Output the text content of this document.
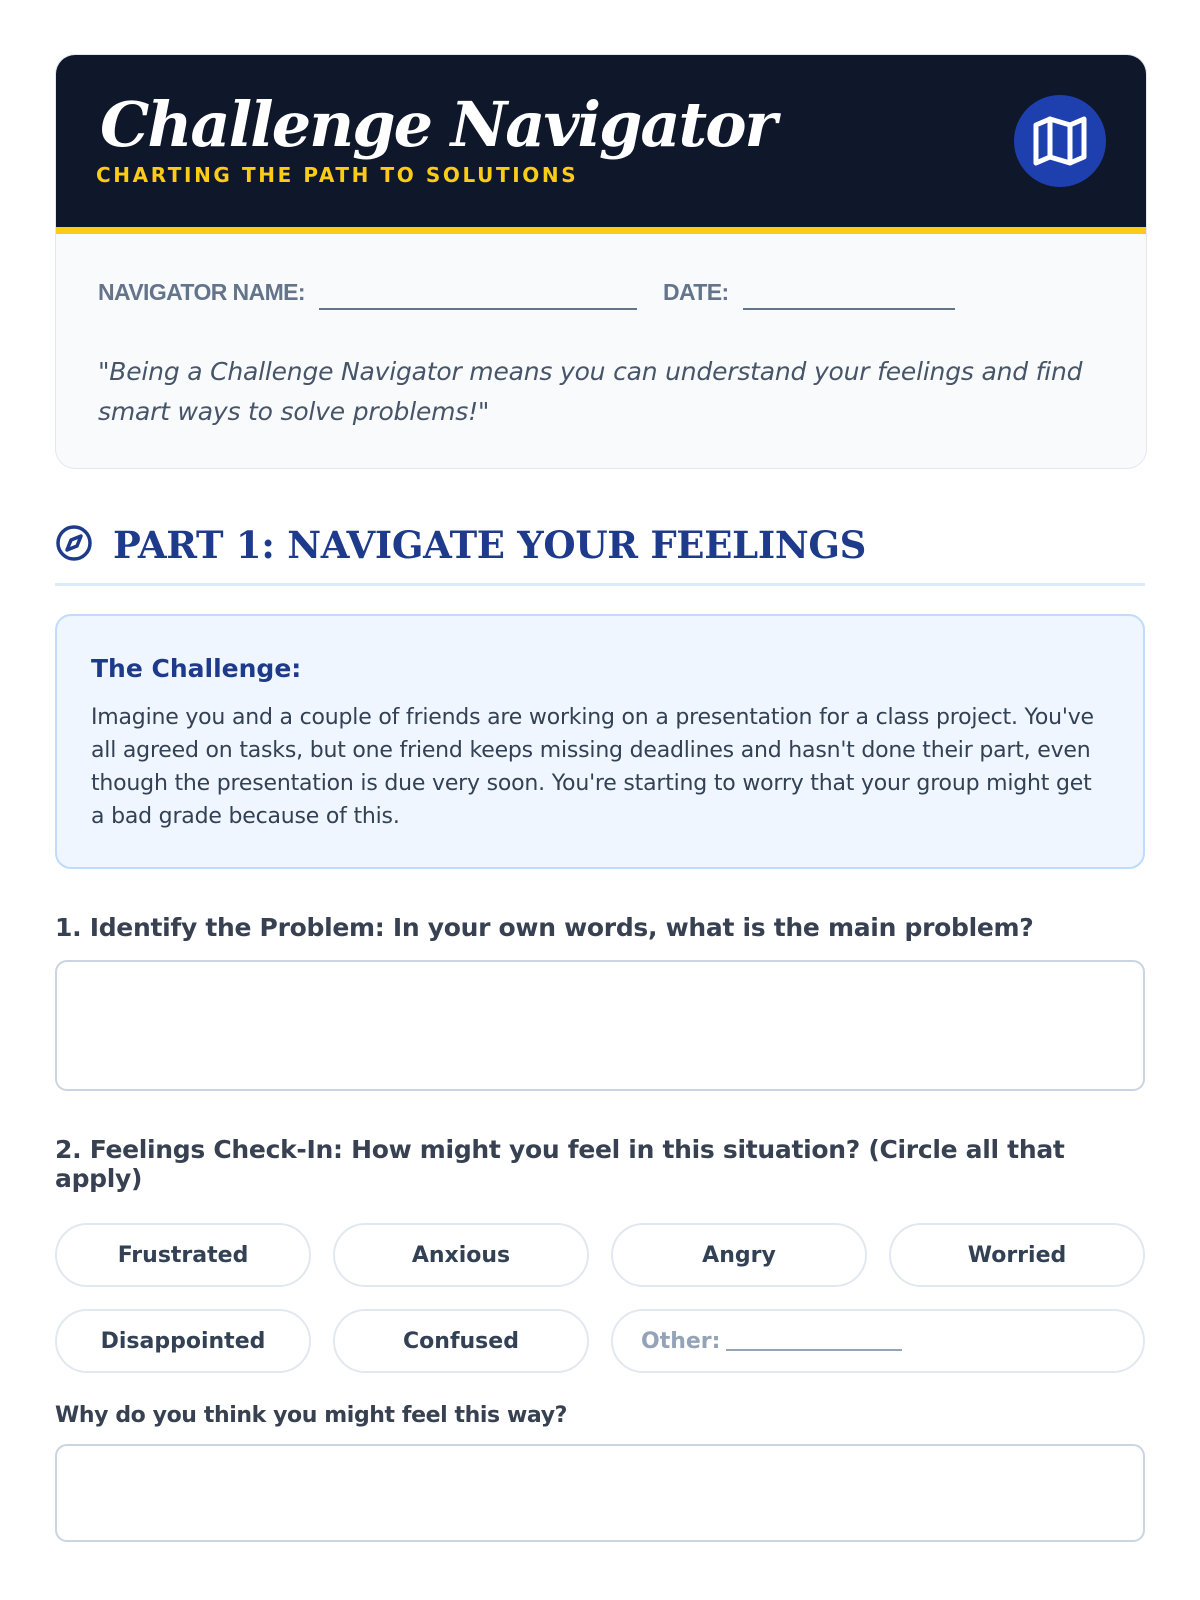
Challenge Navigator
CHARTING THE PATH TO SOLUTIONS
NAVIGATOR NAME:	DATE:

"Being a Challenge Navigator means you can understand your feelings and find smart ways to solve problems!"

PART 1: NAVIGATE YOUR FEELINGS
The Challenge:

Imagine you and a couple of friends are working on a presentation for a class project. You've all agreed on tasks, but one friend keeps missing deadlines and hasn't done their part, even though the presentation is due very soon. You're starting to worry that your group might get a bad grade because of this.

1. Identify the Problem: In your own words, what is the main problem?
2. Feelings Check-In: How might you feel in this situation? (Circle all that apply)
Frustrated	Anxious	Angry	Worried
Disappointed	Confused	Other:
Why do you think you might feel this way?
